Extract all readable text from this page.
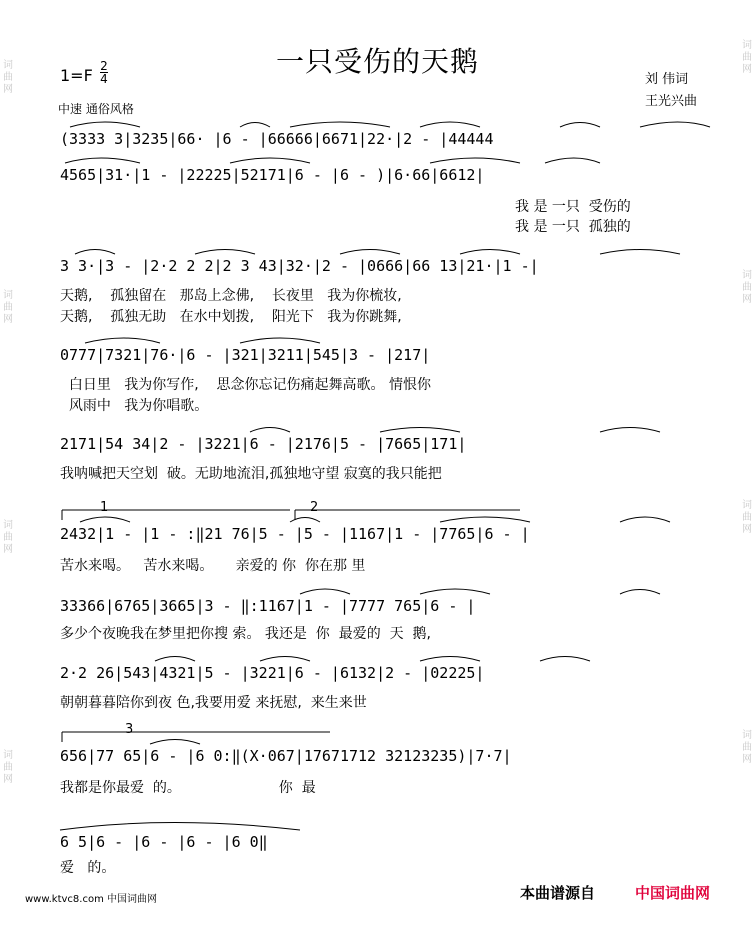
词
曲
网
词
曲
网
词
曲
网
词
曲
网
词
曲
网
词
曲
网
词
曲
网
词
曲
网
一只受伤的天鹅
$1=F \frac{2}{4}$	刘 伟词
王光兴曲
中速 通俗风格
(3333 3|3235|66· |6 - |66666|6671|22·|2 - |44444
4565|31·|1 - |22225|52171|6 - |6 - )|6·66|6612|
我 是 一只  受伤的
我 是 一只  孤独的
3 3·|3 - |2·2 2 2|2 3 43|32·|2 - |0666|66 13|21·|1 -|
天鹅,    孤独留在   那岛上念佛,    长夜里   我为你梳妆,
天鹅,    孤独无助   在水中划拨,    阳光下   我为你跳舞,
0777|7321|76·|6 - |321|3211|545|3 - |217|
白日里   我为你写作,    思念你忘记伤痛起舞高歌。 情恨你
风雨中   我为你唱歌。
2171|54 34|2 - |3221|6 - |2176|5 - |7665|171|
我呐喊把天空划  破。无助地流泪,孤独地守望 寂寞的我只能把
1	2
2432|1 - |1 - :‖21 76|5 - |5 - |1167|1 - |7765|6 - |
苦水来喝。   苦水来喝。     亲爱的 你  你在那 里
33366|6765|3665|3 - ‖:1167|1 - |7777 765|6 - |
多少个夜晚我在梦里把你搜 索。 我还是  你  最爱的  天  鹅,
2·2 26|543|4321|5 - |3221|6 - |6132|2 - |02225|
朝朝暮暮陪你到夜 色,我要用爱 来抚慰,  来生来世
3
656|77 65|6 - |6 0:‖(X·067|17671712 32123235)|7·7|
我都是你最爱  的。                      你  最
6 5|6 - |6 - |6 - |6 0‖
爱   的。
www.ktvc8.com 中国词曲网	本曲谱源自	中国词曲网
